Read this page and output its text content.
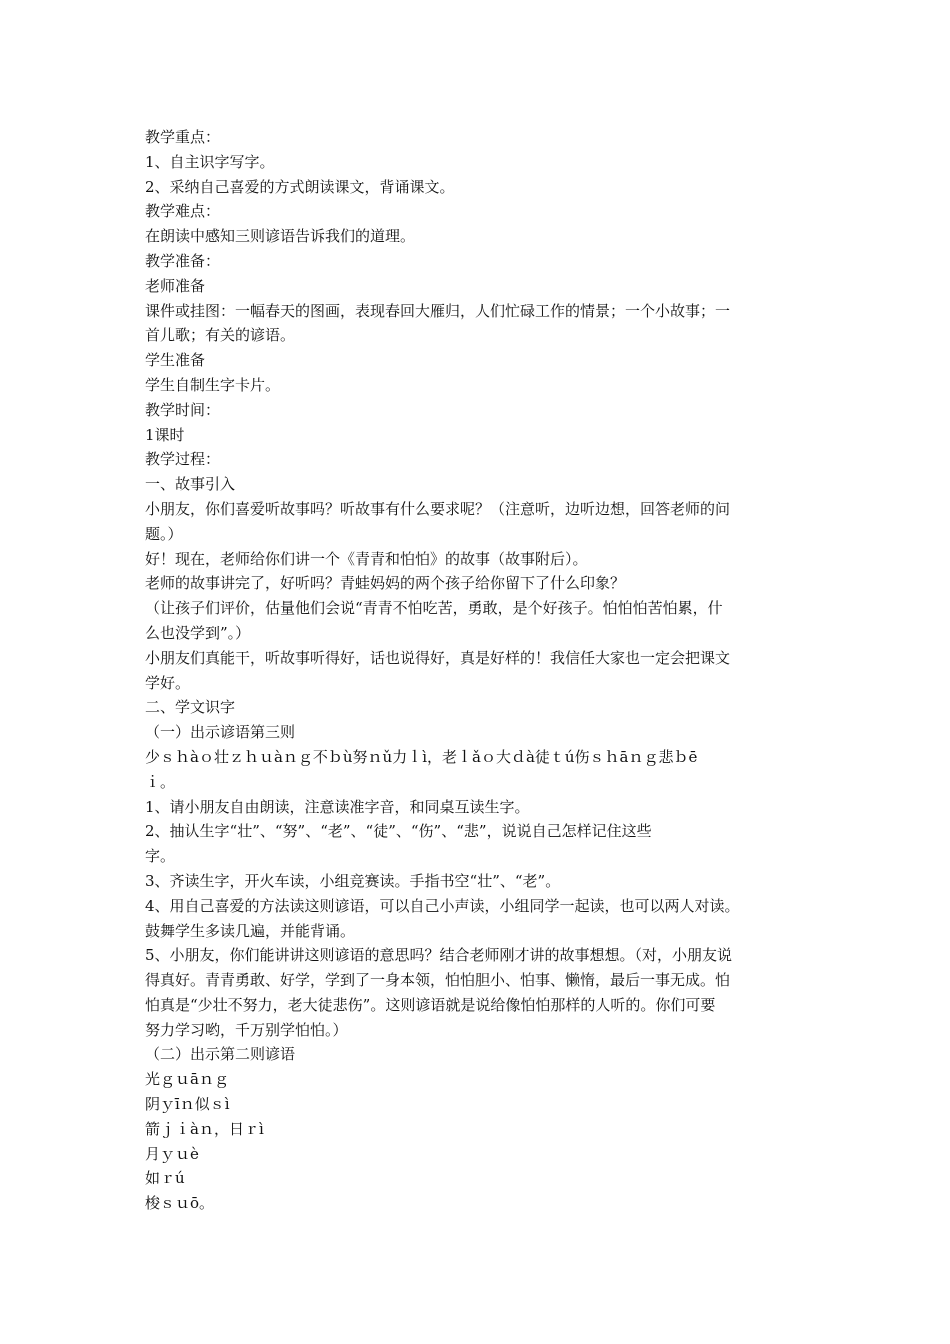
教学重点：

1、自主识字写字。

2、采纳自己喜爱的方式朗读课文，背诵课文。

教学难点：

在朗读中感知三则谚语告诉我们的道理。

教学准备：

老师准备

课件或挂图：一幅春天的图画，表现春回大雁归，人们忙碌工作的情景；一个小故事；一

首儿歌；有关的谚语。

学生准备

学生自制生字卡片。

教学时间：

1课时

教学过程：

一、故事引入

小朋友，你们喜爱听故事吗？听故事有什么要求呢？（注意听，边听边想，回答老师的问

题。）

好！现在，老师给你们讲一个《青青和怕怕》的故事（故事附后）。

老师的故事讲完了，好听吗？青蛙妈妈的两个孩子给你留下了什么印象？

（让孩子们评价，估量他们会说“青青不怕吃苦，勇敢，是个好孩子。怕怕怕苦怕累，什

么也没学到”。）

小朋友们真能干，听故事听得好，话也说得好，真是好样的！我信任大家也一定会把课文

学好。

二、学文识字

（一）出示谚语第三则

少ｓｈàｏ壮ｚｈｕàｎｇ不ｂù努ｎǔ力ｌì，老ｌǎｏ大ｄà徒ｔú伤ｓｈāｎｇ悲ｂē

ｉ。

1、请小朋友自由朗读，注意读准字音，和同桌互读生字。

2、抽认生字“壮”、“努”、“老”、“徒”、“伤”、“悲”，说说自己怎样记住这些

字。

3、齐读生字，开火车读，小组竞赛读。手指书空“壮”、“老”。

4、用自己喜爱的方法读这则谚语，可以自己小声读，小组同学一起读，也可以两人对读。

鼓舞学生多读几遍，并能背诵。

5、小朋友，你们能讲讲这则谚语的意思吗？结合老师刚才讲的故事想想。（对，小朋友说

得真好。青青勇敢、好学，学到了一身本领，怕怕胆小、怕事、懒惰，最后一事无成。怕

怕真是“少壮不努力，老大徒悲伤”。这则谚语就是说给像怕怕那样的人听的。你们可要

努力学习哟，千万别学怕怕。）

（二）出示第二则谚语

光ｇｕāｎｇ

阴ｙīｎ似ｓì

箭ｊｉàｎ，日ｒì

月ｙｕè

如ｒú

梭ｓｕō。
